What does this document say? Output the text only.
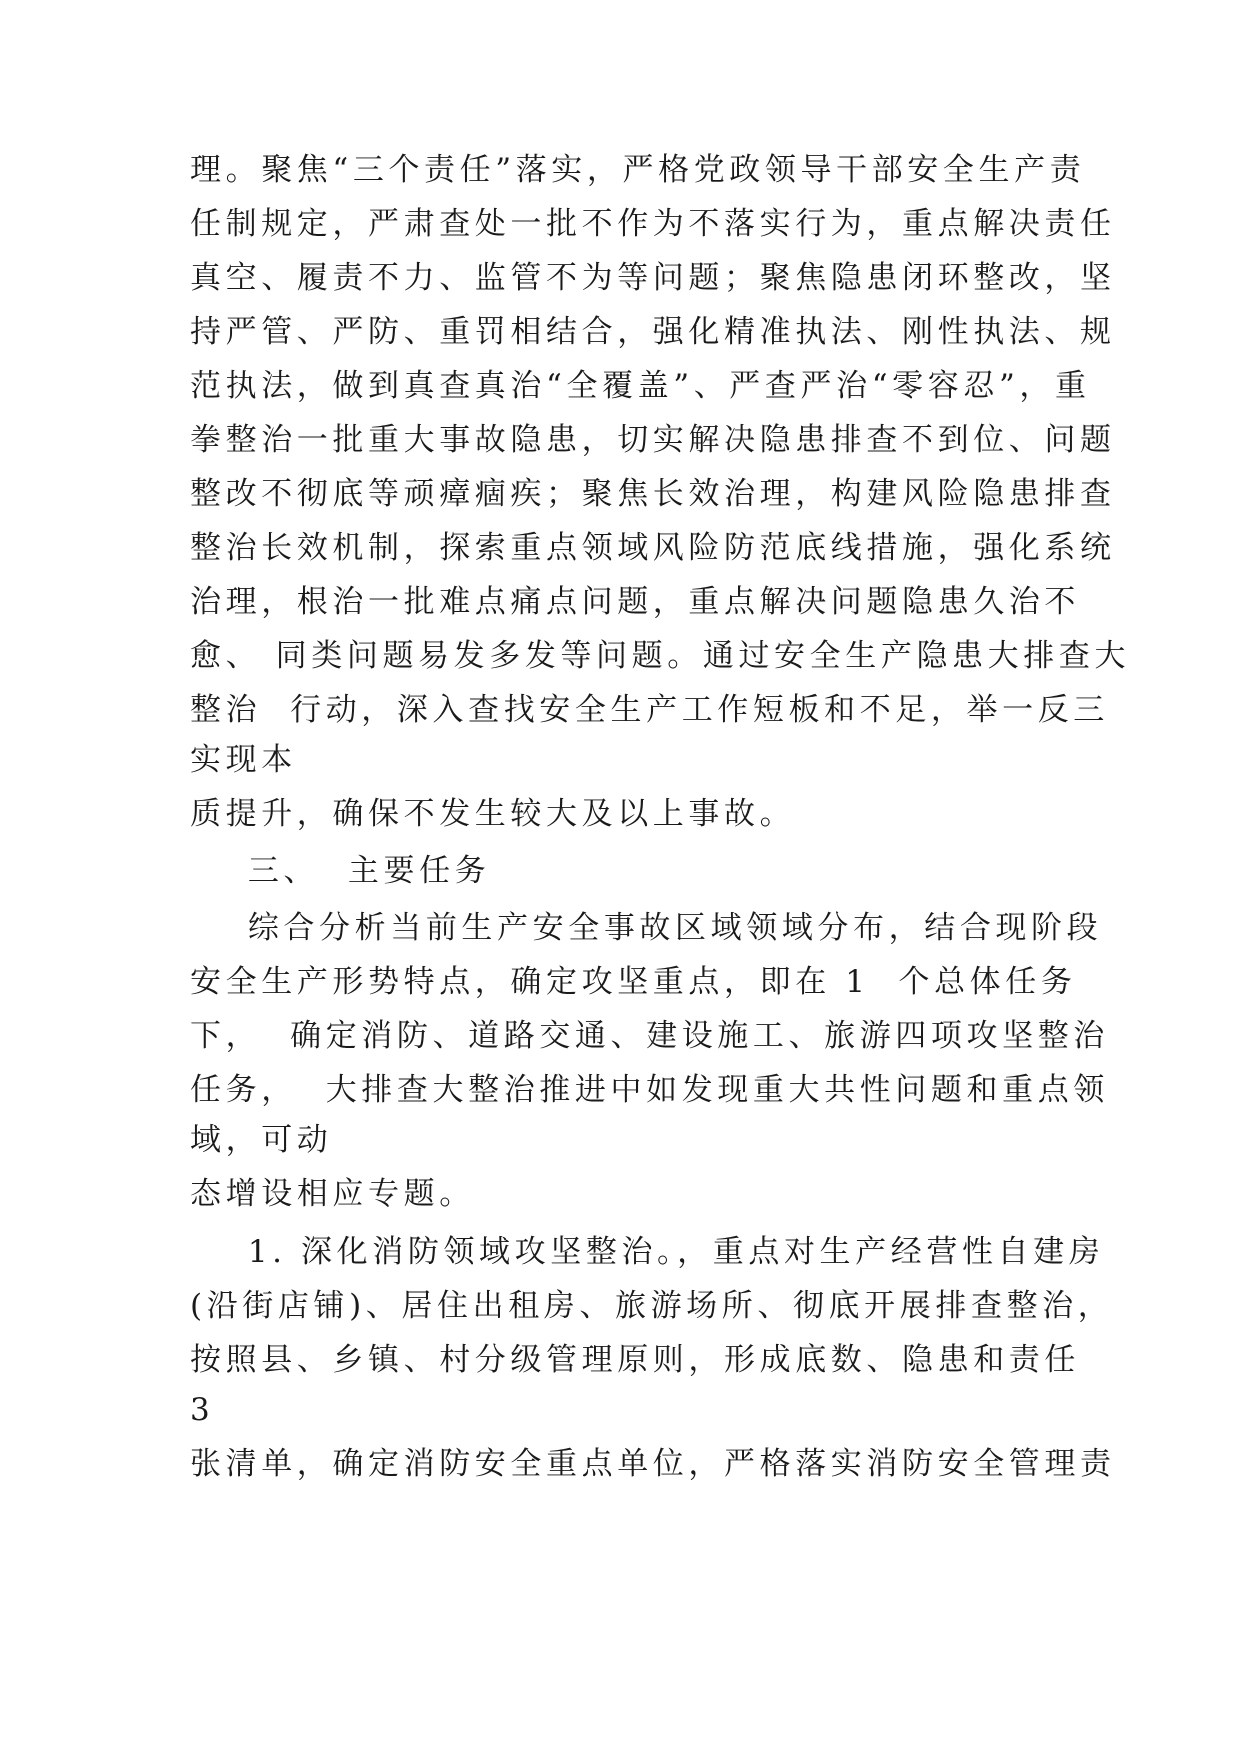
理。聚焦“三个责任”落实，严格党政领导干部安全生产责

任制规定，严肃查处一批不作为不落实行为，重点解决责任

真空、履责不力、监管不为等问题；聚焦隐患闭环整改，坚

持严管、严防、重罚相结合，强化精准执法、刚性执法、规

范执法，做到真查真治“全覆盖”、严查严治“零容忍”，重

拳整治一批重大事故隐患，切实解决隐患排查不到位、问题

整改不彻底等顽瘴痼疾；聚焦长效治理，构建风险隐患排查

整治长效机制，探索重点领域风险防范底线措施，强化系统

治理，根治一批难点痛点问题，重点解决问题隐患久治不

愈、 同类问题易发多发等问题。通过安全生产隐患大排查大

整治  行动，深入查找安全生产工作短板和不足，举一反三

实现本

质提升，确保不发生较大及以上事故。

三、  主要任务

综合分析当前生产安全事故区域领域分布，结合现阶段

安全生产形势特点，确定攻坚重点，即在 1  个总体任务

下，  确定消防、道路交通、建设施工、旅游四项攻坚整治

任务，  大排查大整治推进中如发现重大共性问题和重点领

域，可动

态增设相应专题。

1. 深化消防领域攻坚整治。，重点对生产经营性自建房

(沿街店铺)、居住出租房、旅游场所、彻底开展排查整治，

按照县、乡镇、村分级管理原则，形成底数、隐患和责任

3

张清单，确定消防安全重点单位，严格落实消防安全管理责
